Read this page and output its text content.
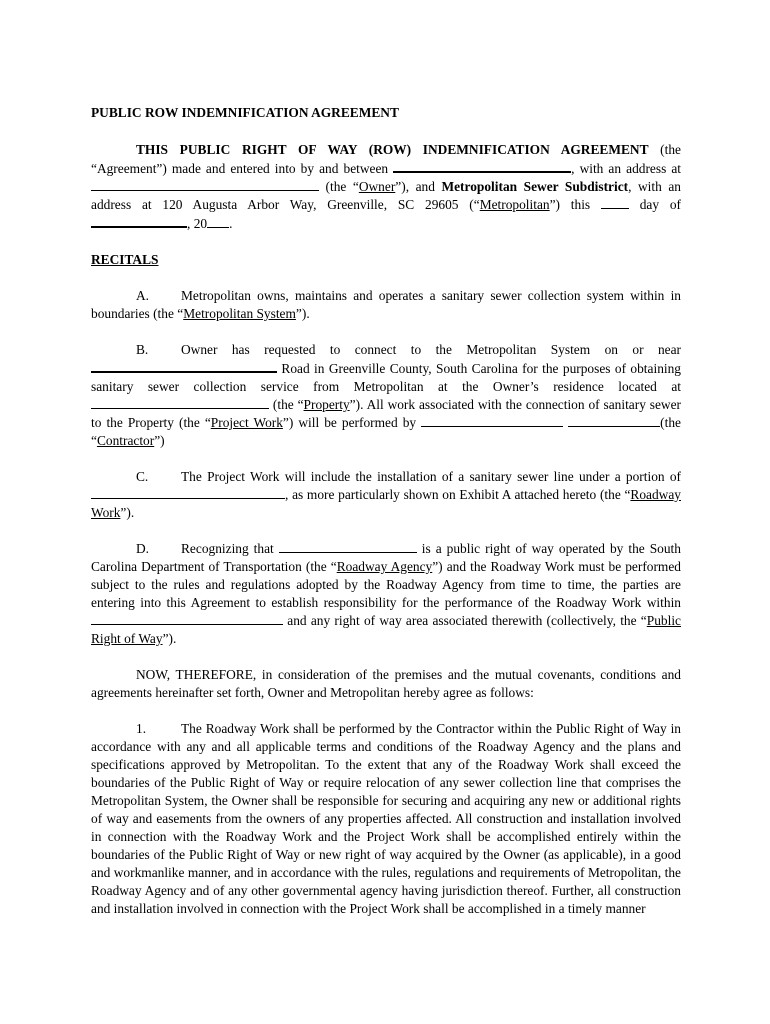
PUBLIC ROW INDEMNIFICATION AGREEMENT

THIS PUBLIC RIGHT OF WAY (ROW) INDEMNIFICATION AGREEMENT (the “Agreement”) made and entered into by and between	, with an address at  (the “Owner”), and Metropolitan Sewer Subdistrict, with an address at 120 Augusta Arbor Way, Greenville, SC 29605 (“Metropolitan”) this  day of , 20 .

RECITALS

A. Metropolitan owns, maintains and operates a sanitary sewer collection system within in boundaries (the “Metropolitan System”).

B. Owner has requested to connect to the Metropolitan System on or near  Road in Greenville County, South Carolina for the purposes of obtaining sanitary sewer collection service from Metropolitan at the Owner’s residence located at  (the “Property”). All work associated with the connection of sanitary sewer to the Property (the “Project Work”) will be performed by	(the “Contractor”)

C. The Project Work will include the installation of a sanitary sewer line under a portion of , as more particularly shown on Exhibit A attached hereto (the “Roadway Work”).

D. Recognizing that	is a public right of way operated by the South Carolina Department of Transportation (the “Roadway Agency”) and the Roadway Work must be performed subject to the rules and regulations adopted by the Roadway Agency from time to time, the parties are entering into this Agreement to establish responsibility for the performance of the Roadway Work within  and any right of way area associated therewith (collectively, the “Public Right of Way”).

NOW, THEREFORE, in consideration of the premises and the mutual covenants, conditions and agreements hereinafter set forth, Owner and Metropolitan hereby agree as follows:

1.	The Roadway Work shall be performed by the Contractor within the Public Right of Way in accordance with any and all applicable terms and conditions of the Roadway Agency and the plans and specifications approved by Metropolitan. To the extent that any of the Roadway Work shall exceed the boundaries of the Public Right of Way or require relocation of any sewer collection line that comprises the Metropolitan System, the Owner shall be responsible for securing and acquiring any new or additional rights of way and easements from the owners of any properties affected. All construction and installation involved in connection with the Roadway Work and the Project Work shall be accomplished entirely within the boundaries of the Public Right of Way or new right of way acquired by the Owner (as applicable), in a good and workmanlike manner, and in accordance with the rules, regulations and requirements of Metropolitan, the Roadway Agency and of any other governmental agency having jurisdiction thereof. Further, all construction and installation involved in connection with the Project Work shall be accomplished in a timely manner
